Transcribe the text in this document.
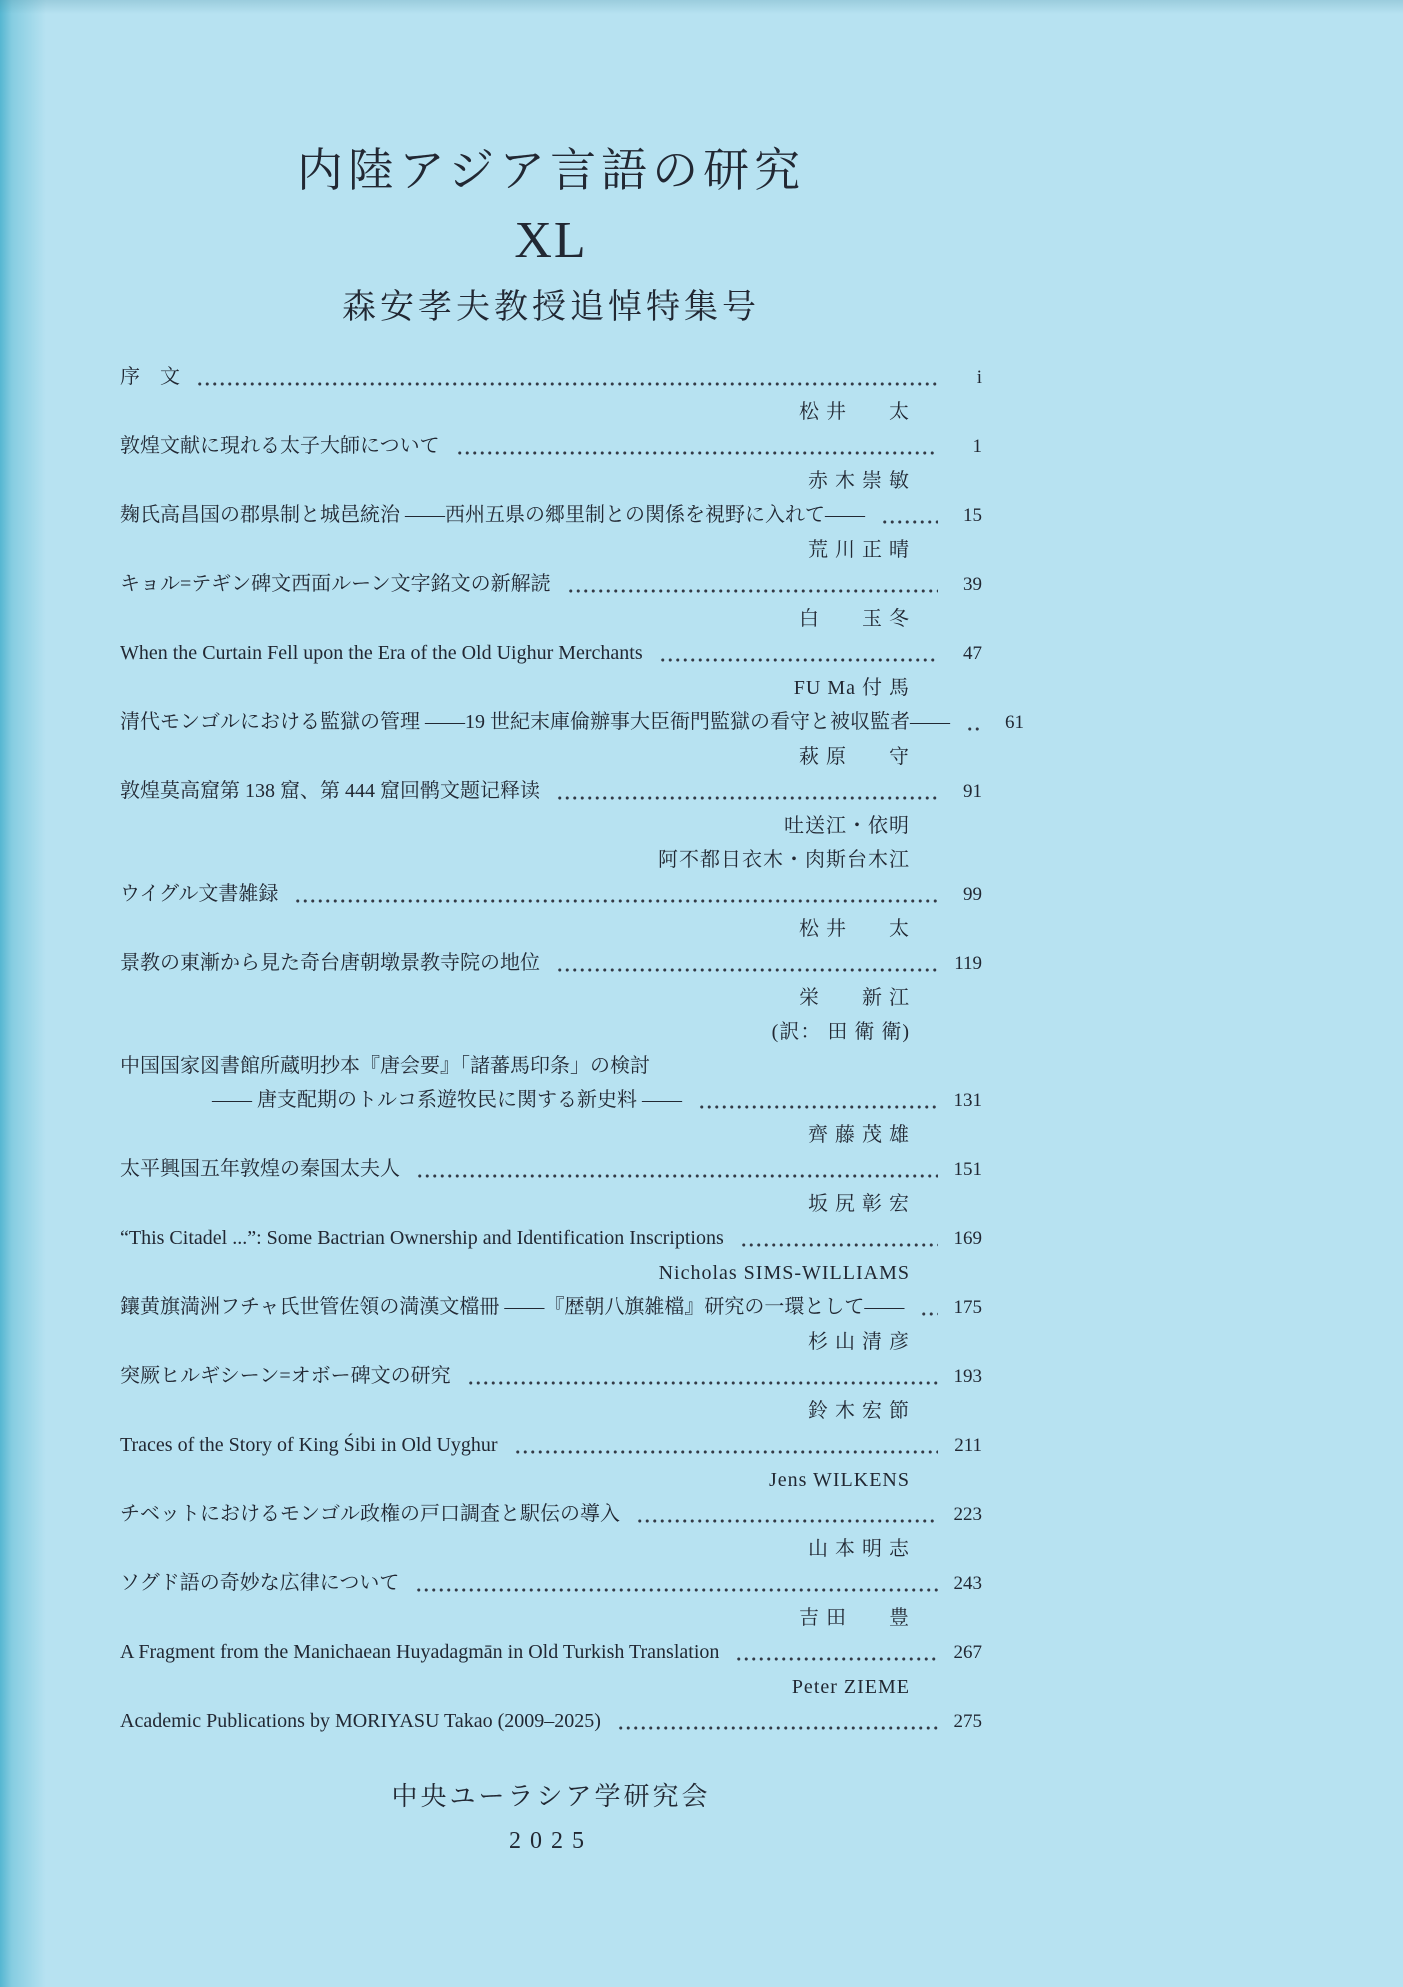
内陸アジア言語の研究
XL
森安孝夫教授追悼特集号
序　文	i
松 井　　太
敦煌文献に現れる太子大師について	1
赤 木 崇 敏
麹氏高昌国の郡県制と城邑統治 ——西州五県の郷里制との関係を視野に入れて——	15
荒 川 正 晴
キョル=テギン碑文西面ルーン文字銘文の新解読	39
白　　玉 冬
When the Curtain Fell upon the Era of the Old Uighur Merchants	47
FU Ma 付 馬
清代モンゴルにおける監獄の管理 ——19 世紀末庫倫辦事大臣衙門監獄の看守と被収監者——	61
萩 原　　守
敦煌莫高窟第 138 窟、第 444 窟回鹘文题记释读	91
吐送江・依明
阿不都日衣木・肉斯台木江
ウイグル文書雑録	99
松 井　　太
景教の東漸から見た奇台唐朝墩景教寺院の地位	119
栄　　新 江
(訳： 田 衛 衛)
中国国家図書館所蔵明抄本『唐会要』「諸蕃馬印条」の検討
—— 唐支配期のトルコ系遊牧民に関する新史料 ——	131
齊 藤 茂 雄
太平興国五年敦煌の秦国太夫人	151
坂 尻 彰 宏
“This Citadel ...”: Some Bactrian Ownership and Identification Inscriptions	169
Nicholas SIMS-WILLIAMS
鑲黄旗満洲フチャ氏世管佐領の満漢文檔冊 ——『歴朝八旗雑檔』研究の一環として——	175
杉 山 清 彦
突厥ヒルギシーン=オボー碑文の研究	193
鈴 木 宏 節
Traces of the Story of King Śibi in Old Uyghur	211
Jens WILKENS
チベットにおけるモンゴル政権の戸口調査と駅伝の導入	223
山 本 明 志
ソグド語の奇妙な広律について	243
吉 田　　豊
A Fragment from the Manichaean Huyadagmān in Old Turkish Translation	267
Peter ZIEME
Academic Publications by MORIYASU Takao (2009–2025)	275
中央ユーラシア学研究会
2025
